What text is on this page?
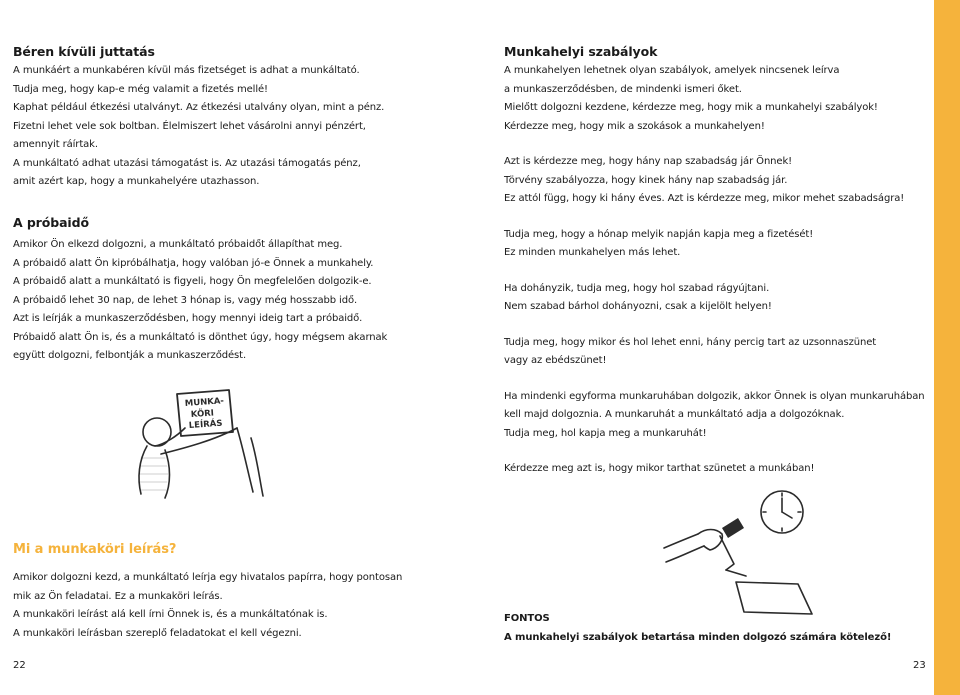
Béren kívüli juttatás

A munkáért a munkabéren kívül más fizetséget is adhat a munkáltató.

Tudja meg, hogy kap-e még valamit a fizetés mellé!

Kaphat például étkezési utalványt. Az étkezési utalvány olyan, mint a pénz.

Fizetni lehet vele sok boltban. Élelmiszert lehet vásárolni annyi pénzért,

amennyit ráírtak.

A munkáltató adhat utazási támogatást is. Az utazási támogatás pénz,

amit azért kap, hogy a munkahelyére utazhasson.

A próbaidő

Amikor Ön elkezd dolgozni, a munkáltató próbaidőt állapíthat meg.

A próbaidő alatt Ön kipróbálhatja, hogy valóban jó-e Önnek a munkahely.

A próbaidő alatt a munkáltató is figyeli, hogy Ön megfelelően dolgozik-e.

A próbaidő lehet 30 nap, de lehet 3 hónap is, vagy még hosszabb idő.

Azt is leírják a munkaszerződésben, hogy mennyi ideig tart a próbaidő.

Próbaidő alatt Ön is, és a munkáltató is dönthet úgy, hogy mégsem akarnak

együtt dolgozni, felbontják a munkaszerződést.

MUNKA-
KÖRI
LEÍRÁS

Mi a munkaköri leírás?

Amikor dolgozni kezd, a munkáltató leírja egy hivatalos papírra, hogy pontosan

mik az Ön feladatai. Ez a munkaköri leírás.

A munkaköri leírást alá kell írni Önnek is, és a munkáltatónak is.

A munkaköri leírásban szereplő feladatokat el kell végezni.

22

Munkahelyi szabályok

A munkahelyen lehetnek olyan szabályok, amelyek nincsenek leírva

a munkaszerződésben, de mindenki ismeri őket.

Mielőtt dolgozni kezdene, kérdezze meg, hogy mik a munkahelyi szabályok!

Kérdezze meg, hogy mik a szokások a munkahelyen!

Azt is kérdezze meg, hogy hány nap szabadság jár Önnek!

Törvény szabályozza, hogy kinek hány nap szabadság jár.

Ez attól függ, hogy ki hány éves. Azt is kérdezze meg, mikor mehet szabadságra!

Tudja meg, hogy a hónap melyik napján kapja meg a fizetését!

Ez minden munkahelyen más lehet.

Ha dohányzik, tudja meg, hogy hol szabad rágyújtani.

Nem szabad bárhol dohányozni, csak a kijelölt helyen!

Tudja meg, hogy mikor és hol lehet enni, hány percig tart az uzsonnaszünet

vagy az ebédszünet!

Ha mindenki egyforma munkaruhában dolgozik, akkor Önnek is olyan munkaruhában

kell majd dolgoznia. A munkaruhát a munkáltató adja a dolgozóknak.

Tudja meg, hol kapja meg a munkaruhát!

Kérdezze meg azt is, hogy mikor tarthat szünetet a munkában!

FONTOS

A munkahelyi szabályok betartása minden dolgozó számára kötelező!

23
